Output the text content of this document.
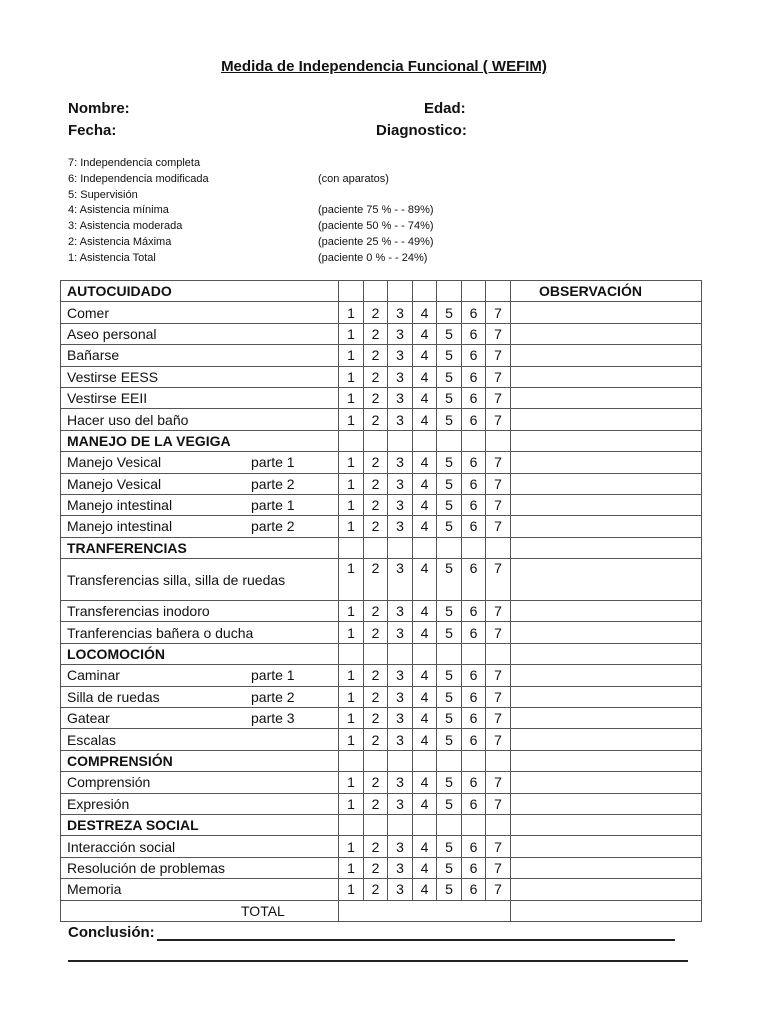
Medida de Independencia Funcional ( WEFIM)
Nombre:	Edad:
Fecha:	Diagnostico:
7: Independencia completa
6: Independencia modificada	(con aparatos)
5: Supervisión
4: Asistencia mínima	(paciente 75 % - - 89%)
3: Asistencia moderada	(paciente 50 % - - 74%)
2: Asistencia Máxima	(paciente 25 % - - 49%)
1: Asistencia Total	(paciente 0 % - - 24%)
AUTOCUIDADO								OBSERVACIÓN
Comer	1	2	3	4	5	6	7	
Aseo personal	1	2	3	4	5	6	7	
Bañarse	1	2	3	4	5	6	7	
Vestirse EESS	1	2	3	4	5	6	7	
Vestirse EEII	1	2	3	4	5	6	7	
Hacer uso del baño	1	2	3	4	5	6	7	
MANEJO DE LA VEGIGA								
Manejo Vesical parte 1	1	2	3	4	5	6	7	
Manejo Vesical parte 2	1	2	3	4	5	6	7	
Manejo intestinal parte 1	1	2	3	4	5	6	7	
Manejo intestinal parte 2	1	2	3	4	5	6	7	
TRANFERENCIAS								
Transferencias silla, silla de ruedas	1	2	3	4	5	6	7	
Transferencias inodoro	1	2	3	4	5	6	7	
Tranferencias bañera o ducha	1	2	3	4	5	6	7	
LOCOMOCIÓN								
Caminar parte 1	1	2	3	4	5	6	7	
Silla de ruedas parte 2	1	2	3	4	5	6	7	
Gatear parte 3	1	2	3	4	5	6	7	
Escalas	1	2	3	4	5	6	7	
COMPRENSIÓN								
Comprensión	1	2	3	4	5	6	7	
Expresión	1	2	3	4	5	6	7	
DESTREZA SOCIAL								
Interacción social	1	2	3	4	5	6	7	
Resolución de problemas	1	2	3	4	5	6	7	
Memoria	1	2	3	4	5	6	7	
TOTAL								
Conclusión:
